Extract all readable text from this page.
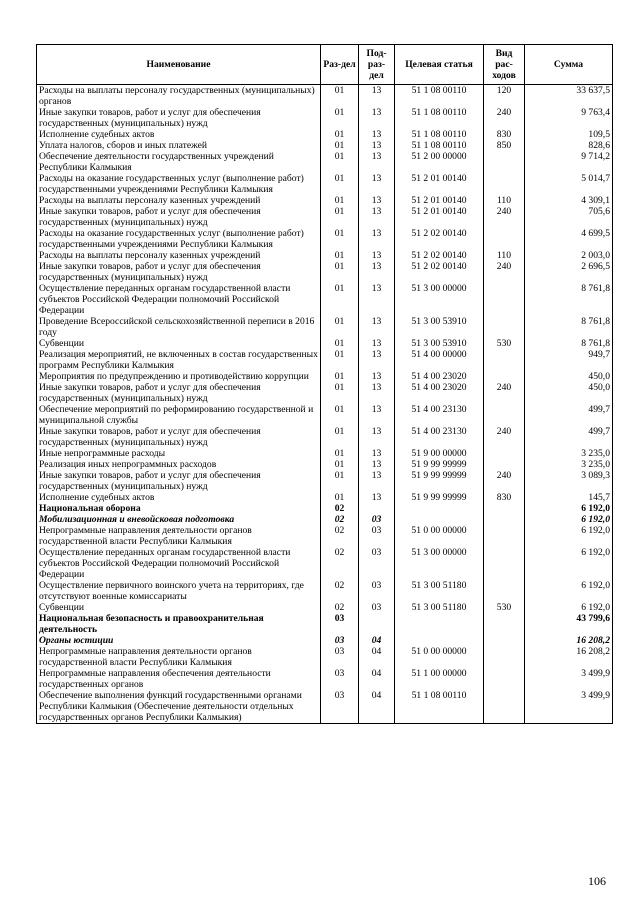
Наименование	Раз-дел	Под-раз-дел	Целевая статья	Вид рас-ходов	Сумма
Расходы на выплаты персоналу государственных (муниципальных) органов	01	13	51 1 08 00110	120	33 637,5
Иные закупки товаров, работ и услуг для обеспечения государственных (муниципальных) нужд	01	13	51 1 08 00110	240	9 763,4
Исполнение судебных актов	01	13	51 1 08 00110	830	109,5
Уплата налогов, сборов и иных платежей	01	13	51 1 08 00110	850	828,6
Обеспечение деятельности государственных учреждений Республики Калмыкия	01	13	51 2 00 00000		9 714,2
Расходы на оказание государственных услуг (выполнение работ) государственными учреждениями Республики Калмыкия	01	13	51 2 01 00140		5 014,7
Расходы на выплаты персоналу казенных учреждений	01	13	51 2 01 00140	110	4 309,1
Иные закупки товаров, работ и услуг для обеспечения государственных (муниципальных) нужд	01	13	51 2 01 00140	240	705,6
Расходы на оказание государственных услуг (выполнение работ) государственными учреждениями Республики Калмыкия	01	13	51 2 02 00140		4 699,5
Расходы на выплаты персоналу казенных учреждений	01	13	51 2 02 00140	110	2 003,0
Иные закупки товаров, работ и услуг для обеспечения государственных (муниципальных) нужд	01	13	51 2 02 00140	240	2 696,5
Осуществление переданных органам государственной власти субъектов Российской Федерации полномочий Российской Федерации	01	13	51 3 00 00000		8 761,8
Проведение Всероссийской сельскохозяйственной переписи в 2016 году	01	13	51 3 00 53910		8 761,8
Субвенции	01	13	51 3 00 53910	530	8 761,8
Реализация мероприятий, не включенных в состав государственных программ Республики Калмыкия	01	13	51 4 00 00000		949,7
Мероприятия по предупреждению и противодействию коррупции	01	13	51 4 00 23020		450,0
Иные закупки товаров, работ и услуг для обеспечения государственных (муниципальных) нужд	01	13	51 4 00 23020	240	450,0
Обеспечение мероприятий по реформированию государственной и муниципальной службы	01	13	51 4 00 23130		499,7
Иные закупки товаров, работ и услуг для обеспечения государственных (муниципальных) нужд	01	13	51 4 00 23130	240	499,7
Иные непрограммные расходы	01	13	51 9 00 00000		3 235,0
Реализация иных непрограммных расходов	01	13	51 9 99 99999		3 235,0
Иные закупки товаров, работ и услуг для обеспечения государственных (муниципальных) нужд	01	13	51 9 99 99999	240	3 089,3
Исполнение судебных актов	01	13	51 9 99 99999	830	145,7
Национальная оборона	02				6 192,0
Мобилизационная и вневойсковая подготовка	02	03			6 192,0
Непрограммные направления деятельности органов государственной власти Республики Калмыкия	02	03	51 0 00 00000		6 192,0
Осуществление переданных органам государственной власти субъектов Российской Федерации полномочий Российской Федерации	02	03	51 3 00 00000		6 192,0
Осуществление первичного воинского учета на территориях, где отсутствуют военные комиссариаты	02	03	51 3 00 51180		6 192,0
Субвенции	02	03	51 3 00 51180	530	6 192,0
Национальная безопасность и правоохранительная деятельность	03				43 799,6
Органы юстиции	03	04			16 208,2
Непрограммные направления деятельности органов государственной власти Республики Калмыкия	03	04	51 0 00 00000		16 208,2
Непрограммные направления обеспечения деятельности государственных органов	03	04	51 1 00 00000		3 499,9
Обеспечение выполнения функций государственными органами Республики Калмыкия (Обеспечение деятельности отдельных государственных органов Республики Калмыкия)	03	04	51 1 08 00110		3 499,9
106
